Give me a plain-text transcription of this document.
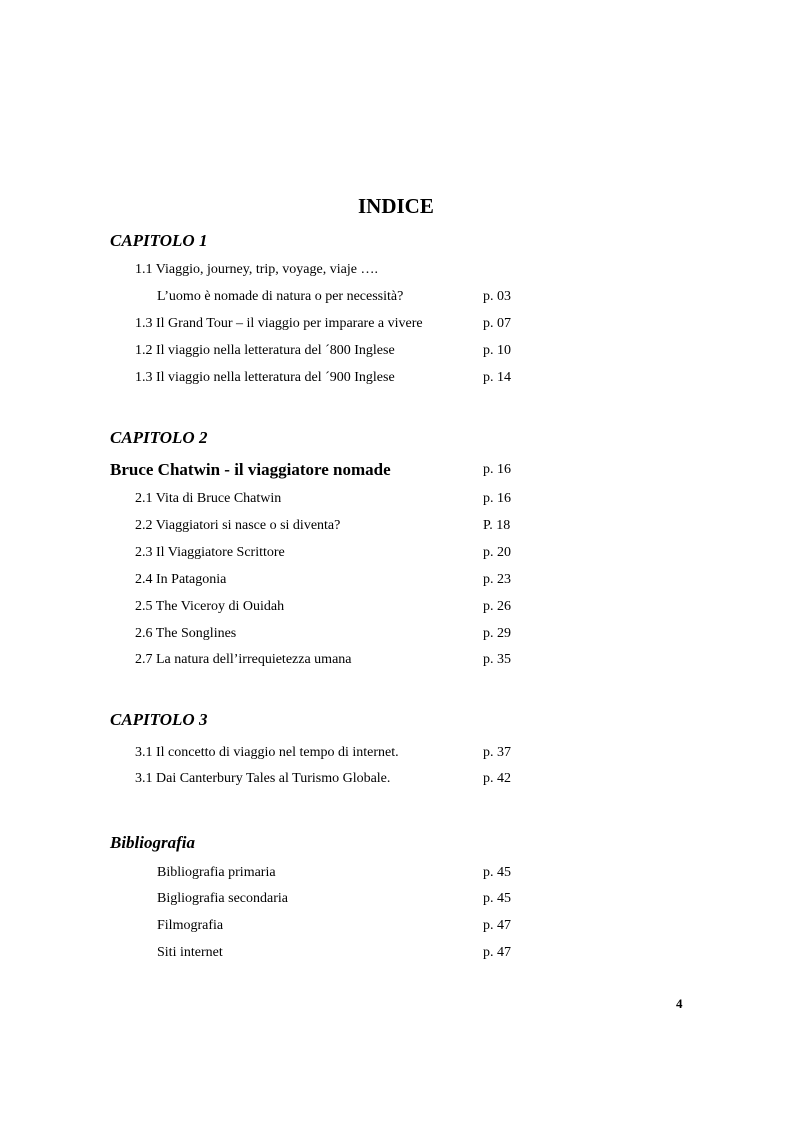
INDICE
CAPITOLO 1
1.1 Viaggio, journey, trip, voyage, viaje ….
L’uomo è nomade di natura o per necessità?	p. 03
1.3 Il Grand Tour – il viaggio per imparare a vivere	p. 07
1.2 Il viaggio nella letteratura del ´800 Inglese	p. 10
1.3 Il viaggio nella letteratura del ´900 Inglese	p. 14
CAPITOLO 2
Bruce Chatwin - il viaggiatore nomade	p. 16
2.1 Vita di Bruce Chatwin	p. 16
2.2 Viaggiatori si nasce o si diventa?	P. 18
2.3 Il Viaggiatore Scrittore	p. 20
2.4 In Patagonia	p. 23
2.5 The Viceroy di Ouidah	p. 26
2.6 The Songlines	p. 29
2.7 La natura dell’irrequietezza umana	p. 35
CAPITOLO 3
3.1 Il concetto di viaggio nel tempo di internet.	p. 37
3.1 Dai Canterbury Tales al Turismo Globale.	p. 42
Bibliografia
Bibliografia primaria	p. 45
Bigliografia secondaria	p. 45
Filmografia	p. 47
Siti internet	p. 47
4
